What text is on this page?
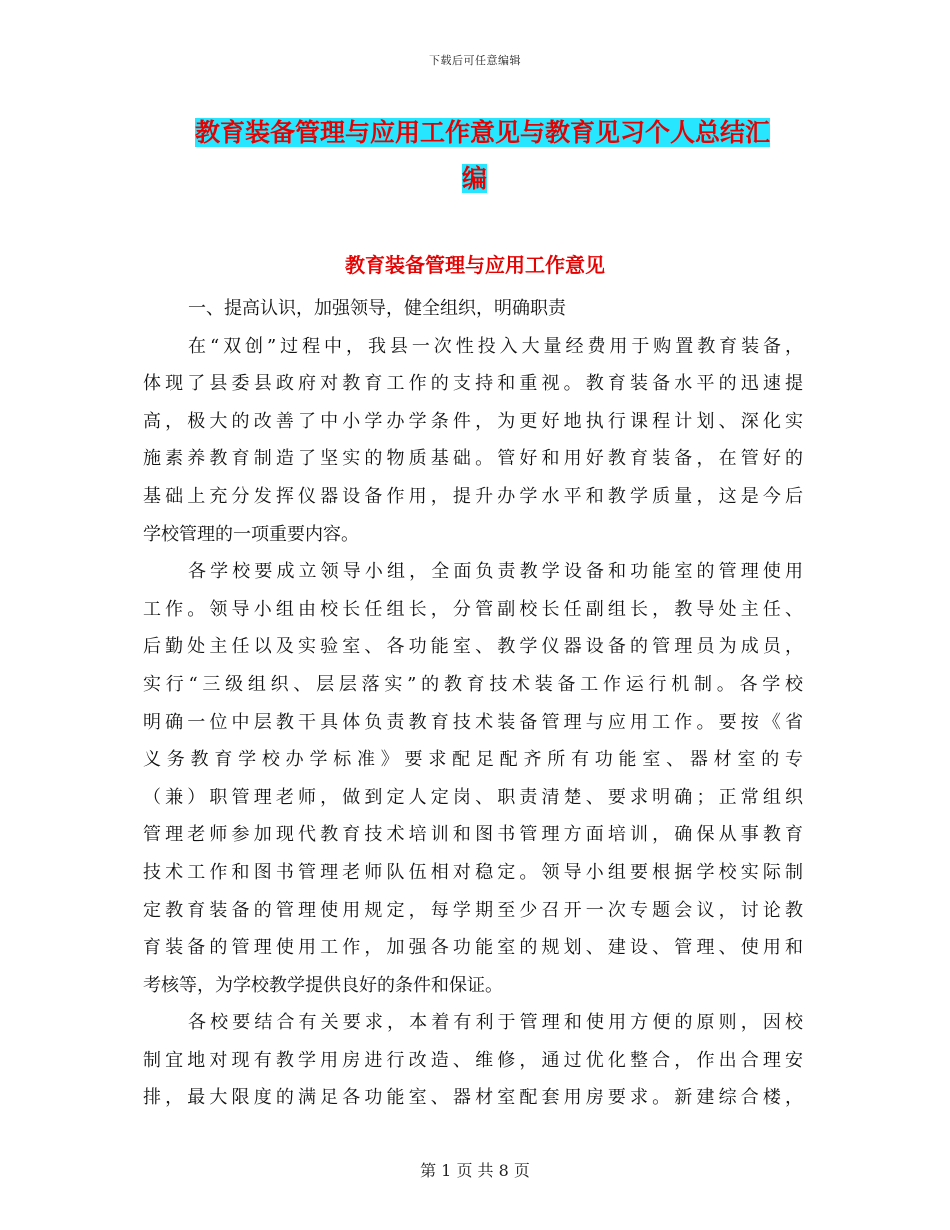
下载后可任意编辑
教育装备管理与应用工作意见与教育见习个人总结汇
编
教育装备管理与应用工作意见
一、提高认识，加强领导，健全组织，明确职责
在“双创”过程中，我县一次性投入大量经费用于购置教育装备，
体现了县委县政府对教育工作的支持和重视。教育装备水平的迅速提
高，极大的改善了中小学办学条件，为更好地执行课程计划、深化实
施素养教育制造了坚实的物质基础。管好和用好教育装备，在管好的
基础上充分发挥仪器设备作用，提升办学水平和教学质量，这是今后
学校管理的一项重要内容。
各学校要成立领导小组，全面负责教学设备和功能室的管理使用
工作。领导小组由校长任组长，分管副校长任副组长，教导处主任、
后勤处主任以及实验室、各功能室、教学仪器设备的管理员为成员，
实行“三级组织、层层落实”的教育技术装备工作运行机制。各学校
明确一位中层教干具体负责教育技术装备管理与应用工作。要按《省
义务教育学校办学标准》要求配足配齐所有功能室、器材室的专
（兼）职管理老师，做到定人定岗、职责清楚、要求明确；正常组织
管理老师参加现代教育技术培训和图书管理方面培训，确保从事教育
技术工作和图书管理老师队伍相对稳定。领导小组要根据学校实际制
定教育装备的管理使用规定，每学期至少召开一次专题会议，讨论教
育装备的管理使用工作，加强各功能室的规划、建设、管理、使用和
考核等，为学校教学提供良好的条件和保证。
各校要结合有关要求，本着有利于管理和使用方便的原则，因校
制宜地对现有教学用房进行改造、维修，通过优化整合，作出合理安
排，最大限度的满足各功能室、器材室配套用房要求。新建综合楼，
第 1 页 共 8 页
